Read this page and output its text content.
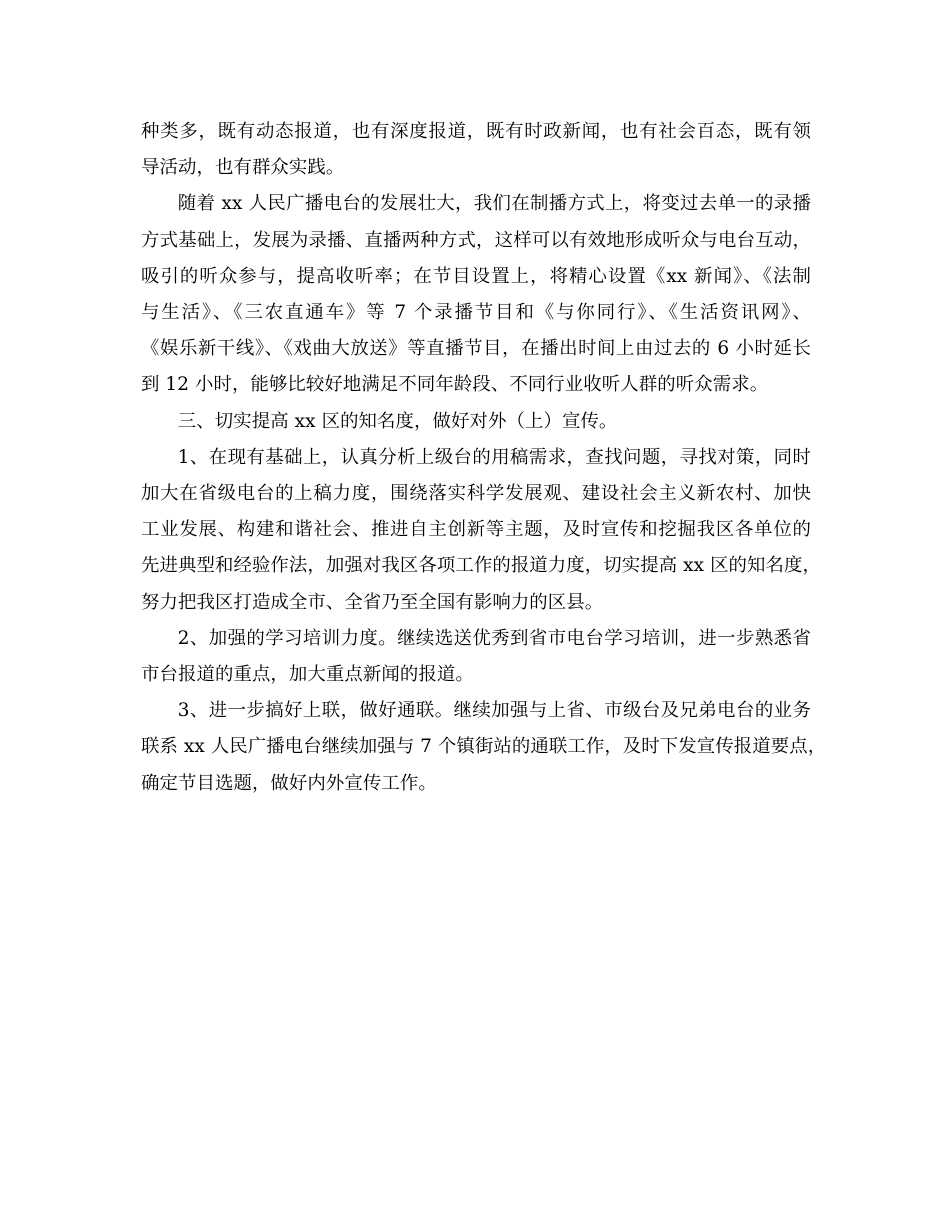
种类多，既有动态报道，也有深度报道，既有时政新闻，也有社会百态，既有领
导活动，也有群众实践。

随着 xx 人民广播电台的发展壮大，我们在制播方式上，将变过去单一的录播
方式基础上，发展为录播、直播两种方式，这样可以有效地形成听众与电台互动，
吸引的听众参与，提高收听率；在节目设置上，将精心设置《xx 新闻》、《法制
与生活》、《三农直通车》等 7 个录播节目和《与你同行》、《生活资讯网》、
《娱乐新干线》、《戏曲大放送》等直播节目，在播出时间上由过去的 6 小时延长
到 12 小时，能够比较好地满足不同年龄段、不同行业收听人群的听众需求。

三、切实提高 xx 区的知名度，做好对外（上）宣传。

1、在现有基础上，认真分析上级台的用稿需求，查找问题，寻找对策，同时
加大在省级电台的上稿力度，围绕落实科学发展观、建设社会主义新农村、加快
工业发展、构建和谐社会、推进自主创新等主题，及时宣传和挖掘我区各单位的
先进典型和经验作法，加强对我区各项工作的报道力度，切实提高 xx 区的知名度，
努力把我区打造成全市、全省乃至全国有影响力的区县。

2、加强的学习培训力度。继续选送优秀到省市电台学习培训，进一步熟悉省
市台报道的重点，加大重点新闻的报道。

3、进一步搞好上联，做好通联。继续加强与上省、市级台及兄弟电台的业务
联系 xx 人民广播电台继续加强与 7 个镇街站的通联工作，及时下发宣传报道要点，
确定节目选题，做好内外宣传工作。
